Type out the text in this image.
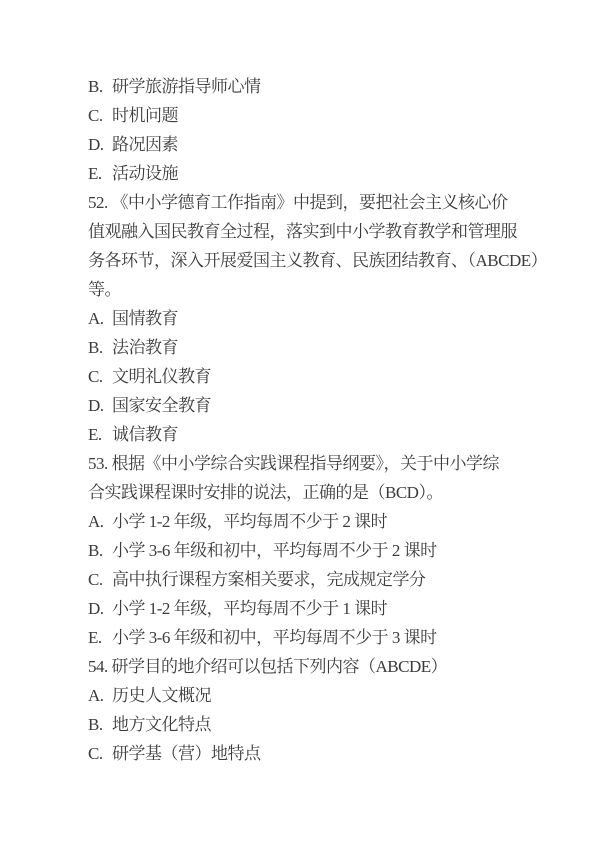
B. 研学旅游指导师心情
C. 时机问题
D. 路况因素
E. 活动设施
52. 《中小学德育工作指南》中提到，要把社会主义核心价
值观融入国民教育全过程，落实到中小学教育教学和管理服
务各环节，深入开展爱国主义教育、民族团结教育、（ABCDE）
等。
A. 国情教育
B. 法治教育
C. 文明礼仪教育
D. 国家安全教育
E. 诚信教育
53. 根据《中小学综合实践课程指导纲要》，关于中小学综
合实践课程课时安排的说法，正确的是（BCD）。
A. 小学 1-2 年级，平均每周不少于 2 课时
B. 小学 3-6 年级和初中，平均每周不少于 2 课时
C. 高中执行课程方案相关要求，完成规定学分
D. 小学 1-2 年级，平均每周不少于 1 课时
E. 小学 3-6 年级和初中，平均每周不少于 3 课时
54. 研学目的地介绍可以包括下列内容（ABCDE）
A. 历史人文概况
B. 地方文化特点
C. 研学基（营）地特点
